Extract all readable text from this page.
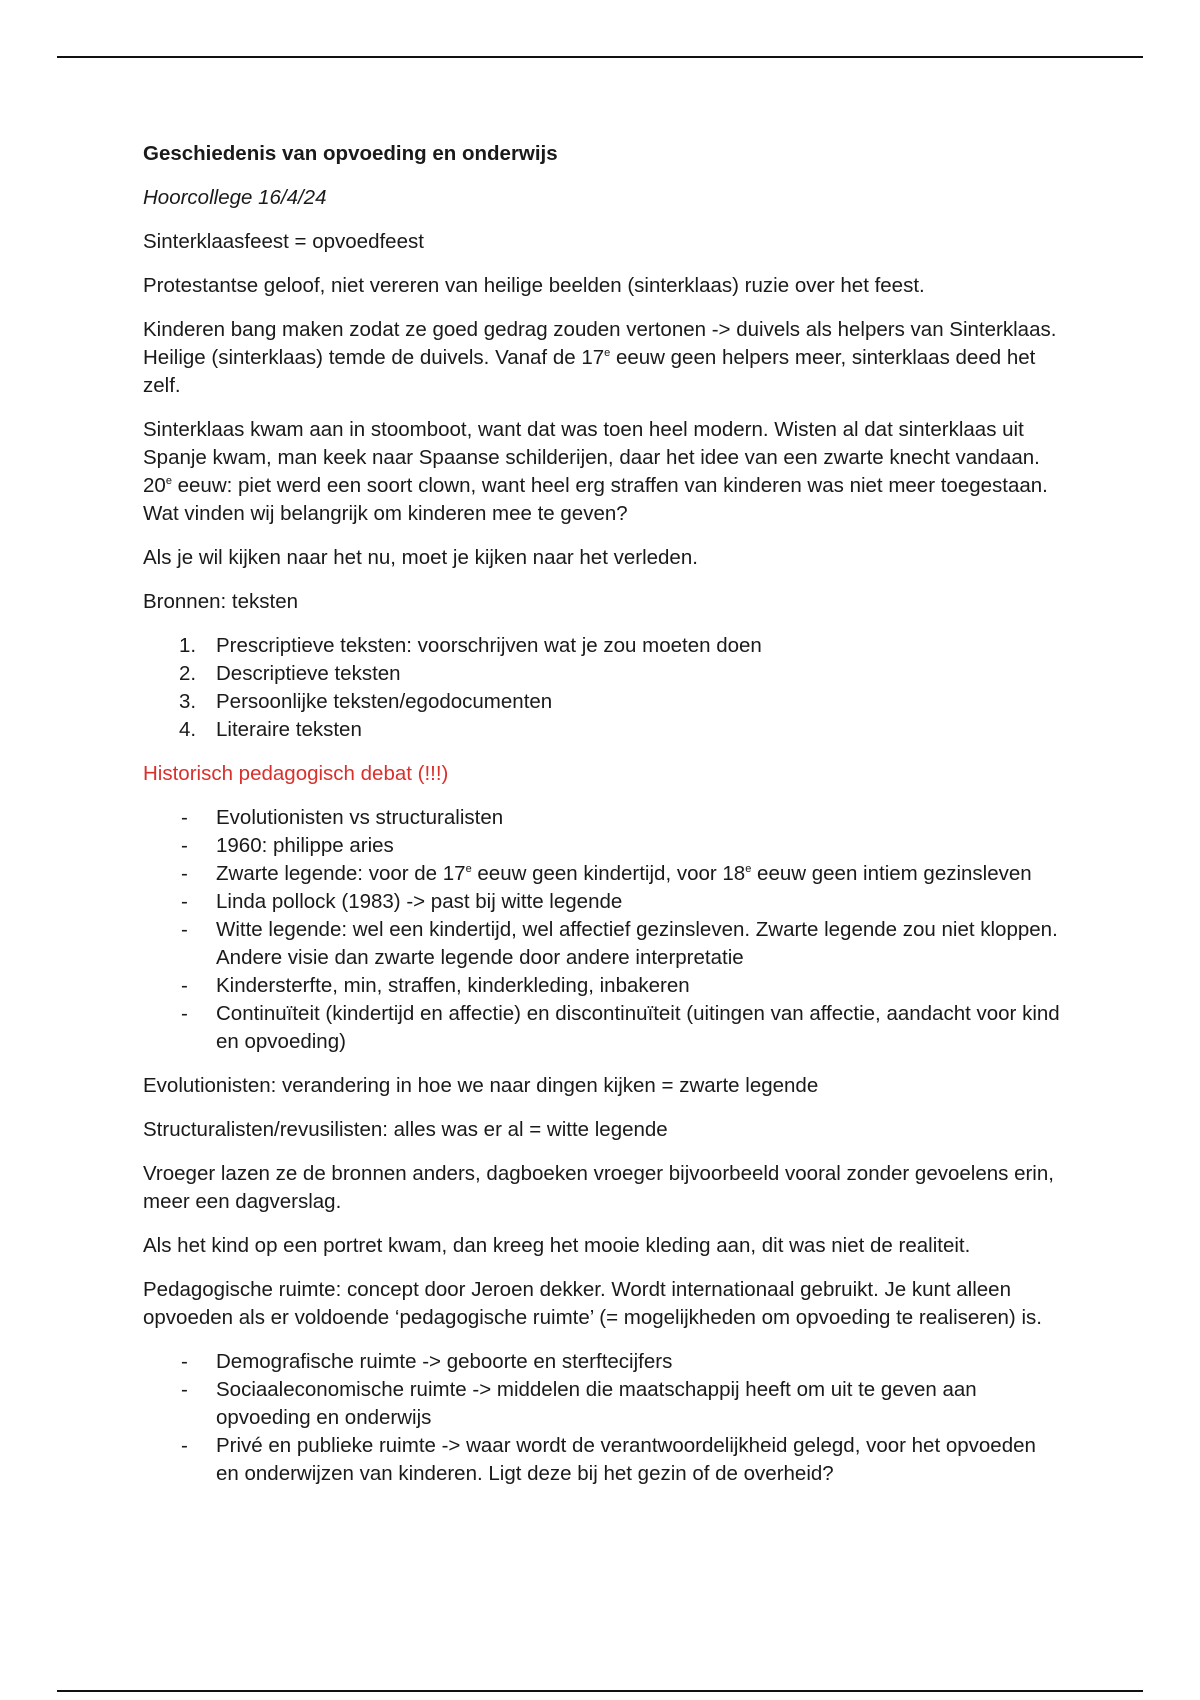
Geschiedenis van opvoeding en onderwijs

Hoorcollege 16/4/24

Sinterklaasfeest = opvoedfeest

Protestantse geloof, niet vereren van heilige beelden (sinterklaas) ruzie over het feest.

Kinderen bang maken zodat ze goed gedrag zouden vertonen -> duivels als helpers van Sinterklaas. Heilige (sinterklaas) temde de duivels. Vanaf de 17e eeuw geen helpers meer, sinterklaas deed het zelf.

Sinterklaas kwam aan in stoomboot, want dat was toen heel modern. Wisten al dat sinterklaas uit Spanje kwam, man keek naar Spaanse schilderijen, daar het idee van een zwarte knecht vandaan. 20e eeuw: piet werd een soort clown, want heel erg straffen van kinderen was niet meer toegestaan. Wat vinden wij belangrijk om kinderen mee te geven?

Als je wil kijken naar het nu, moet je kijken naar het verleden.

Bronnen: teksten

1. Prescriptieve teksten: voorschrijven wat je zou moeten doen
2. Descriptieve teksten
3. Persoonlijke teksten/egodocumenten
4. Literaire teksten

Historisch pedagogisch debat (!!!)

- Evolutionisten vs structuralisten
- 1960: philippe aries
- Zwarte legende: voor de 17e eeuw geen kindertijd, voor 18e eeuw geen intiem gezinsleven
- Linda pollock (1983) -> past bij witte legende
- Witte legende: wel een kindertijd, wel affectief gezinsleven. Zwarte legende zou niet kloppen. Andere visie dan zwarte legende door andere interpretatie
- Kindersterfte, min, straffen, kinderkleding, inbakeren
- Continuïteit (kindertijd en affectie) en discontinuïteit (uitingen van affectie, aandacht voor kind en opvoeding)

Evolutionisten: verandering in hoe we naar dingen kijken = zwarte legende

Structuralisten/revusilisten: alles was er al = witte legende

Vroeger lazen ze de bronnen anders, dagboeken vroeger bijvoorbeeld vooral zonder gevoelens erin, meer een dagverslag.

Als het kind op een portret kwam, dan kreeg het mooie kleding aan, dit was niet de realiteit.

Pedagogische ruimte: concept door Jeroen dekker. Wordt internationaal gebruikt. Je kunt alleen opvoeden als er voldoende ‘pedagogische ruimte’ (= mogelijkheden om opvoeding te realiseren) is.

- Demografische ruimte -> geboorte en sterftecijfers
- Sociaaleconomische ruimte -> middelen die maatschappij heeft om uit te geven aan opvoeding en onderwijs
- Privé en publieke ruimte -> waar wordt de verantwoordelijkheid gelegd, voor het opvoeden en onderwijzen van kinderen. Ligt deze bij het gezin of de overheid?
